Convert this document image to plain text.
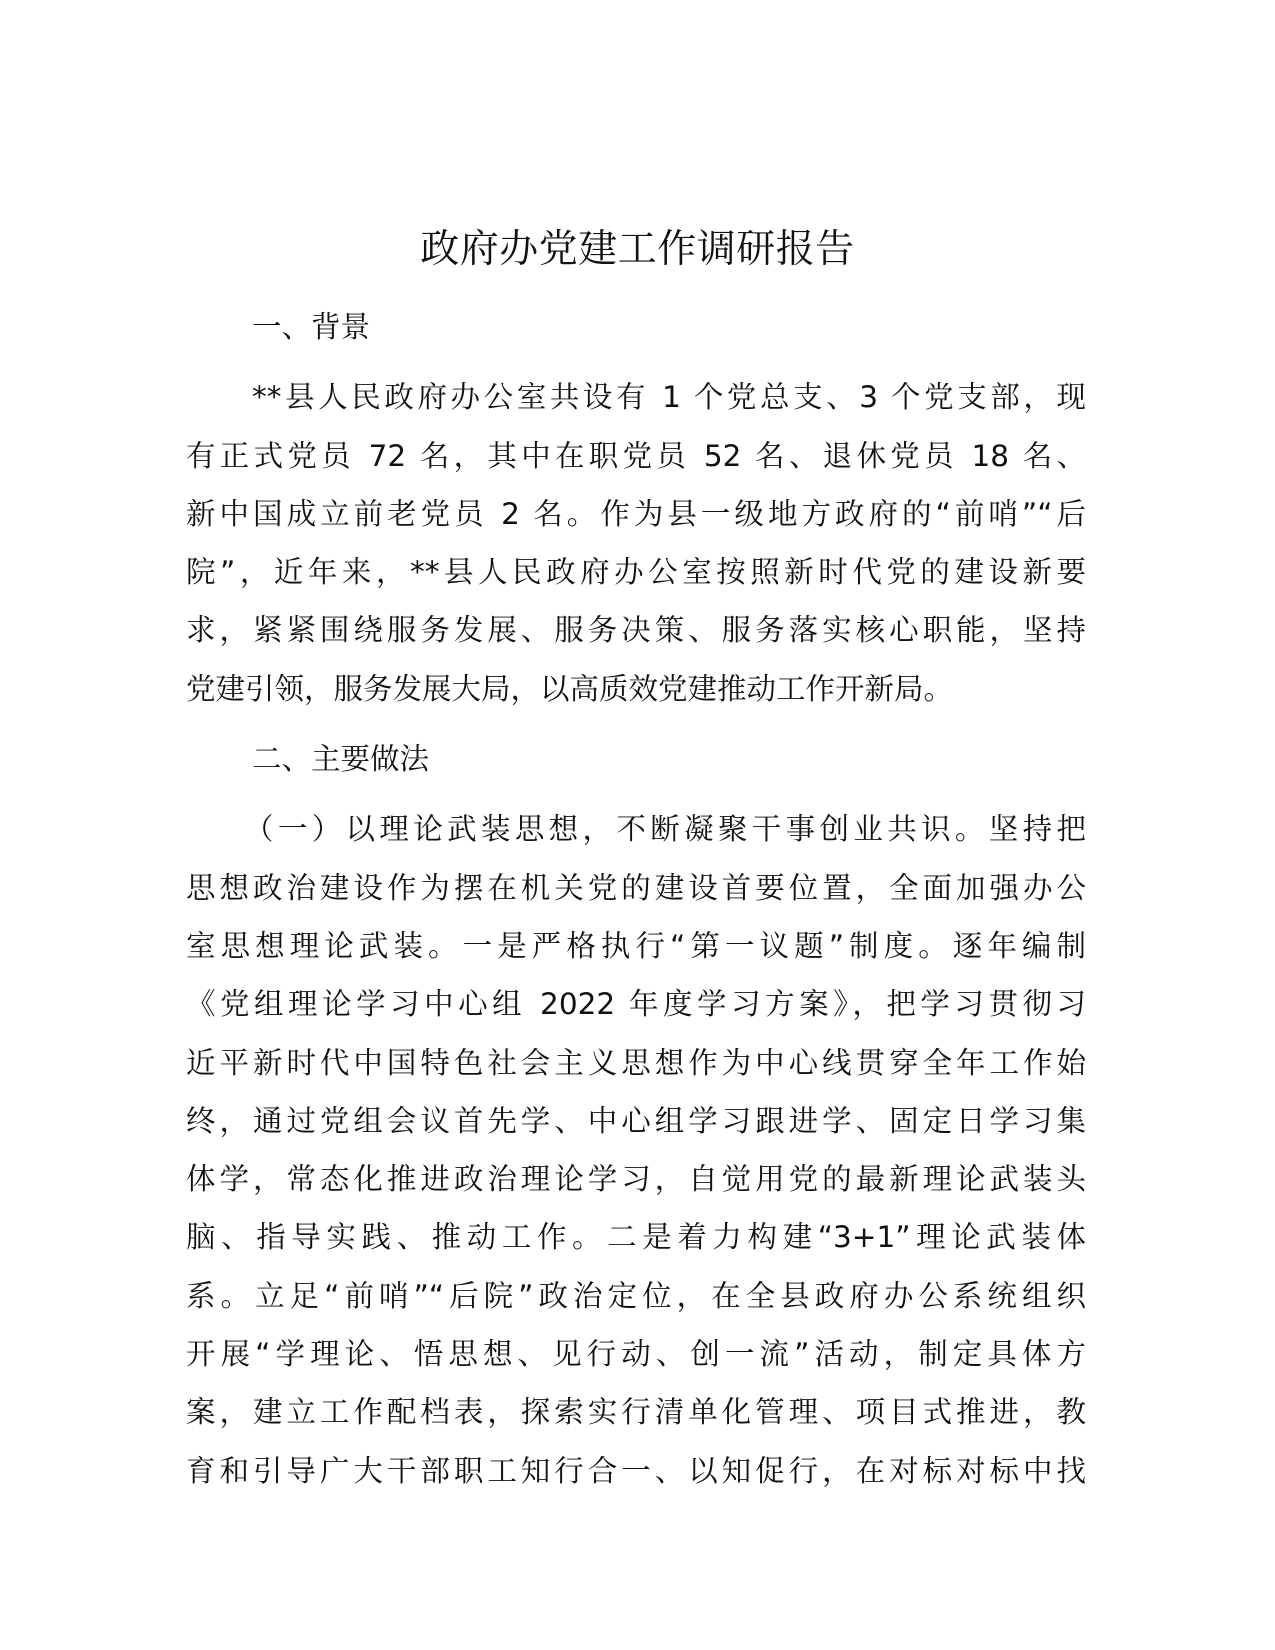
政府办党建工作调研报告
一、背景
**县人民政府办公室共设有 1 个党总支、3 个党支部，现
有正式党员 72 名，其中在职党员 52 名、退休党员 18 名、
新中国成立前老党员 2 名。作为县一级地方政府的“前哨”“后
院”，近年来，**县人民政府办公室按照新时代党的建设新要
求，紧紧围绕服务发展、服务决策、服务落实核心职能，坚持
党建引领，服务发展大局，以高质效党建推动工作开新局。
二、主要做法
（一）以理论武装思想，不断凝聚干事创业共识。坚持把
思想政治建设作为摆在机关党的建设首要位置，全面加强办公
室思想理论武装。一是严格执行“第一议题”制度。逐年编制
《党组理论学习中心组 2022 年度学习方案》，把学习贯彻习
近平新时代中国特色社会主义思想作为中心线贯穿全年工作始
终，通过党组会议首先学、中心组学习跟进学、固定日学习集
体学，常态化推进政治理论学习，自觉用党的最新理论武装头
脑、指导实践、推动工作。二是着力构建“3+1”理论武装体
系。立足“前哨”“后院”政治定位，在全县政府办公系统组织
开展“学理论、悟思想、见行动、创一流”活动，制定具体方
案，建立工作配档表，探索实行清单化管理、项目式推进，教
育和引导广大干部职工知行合一、以知促行，在对标对标中找
